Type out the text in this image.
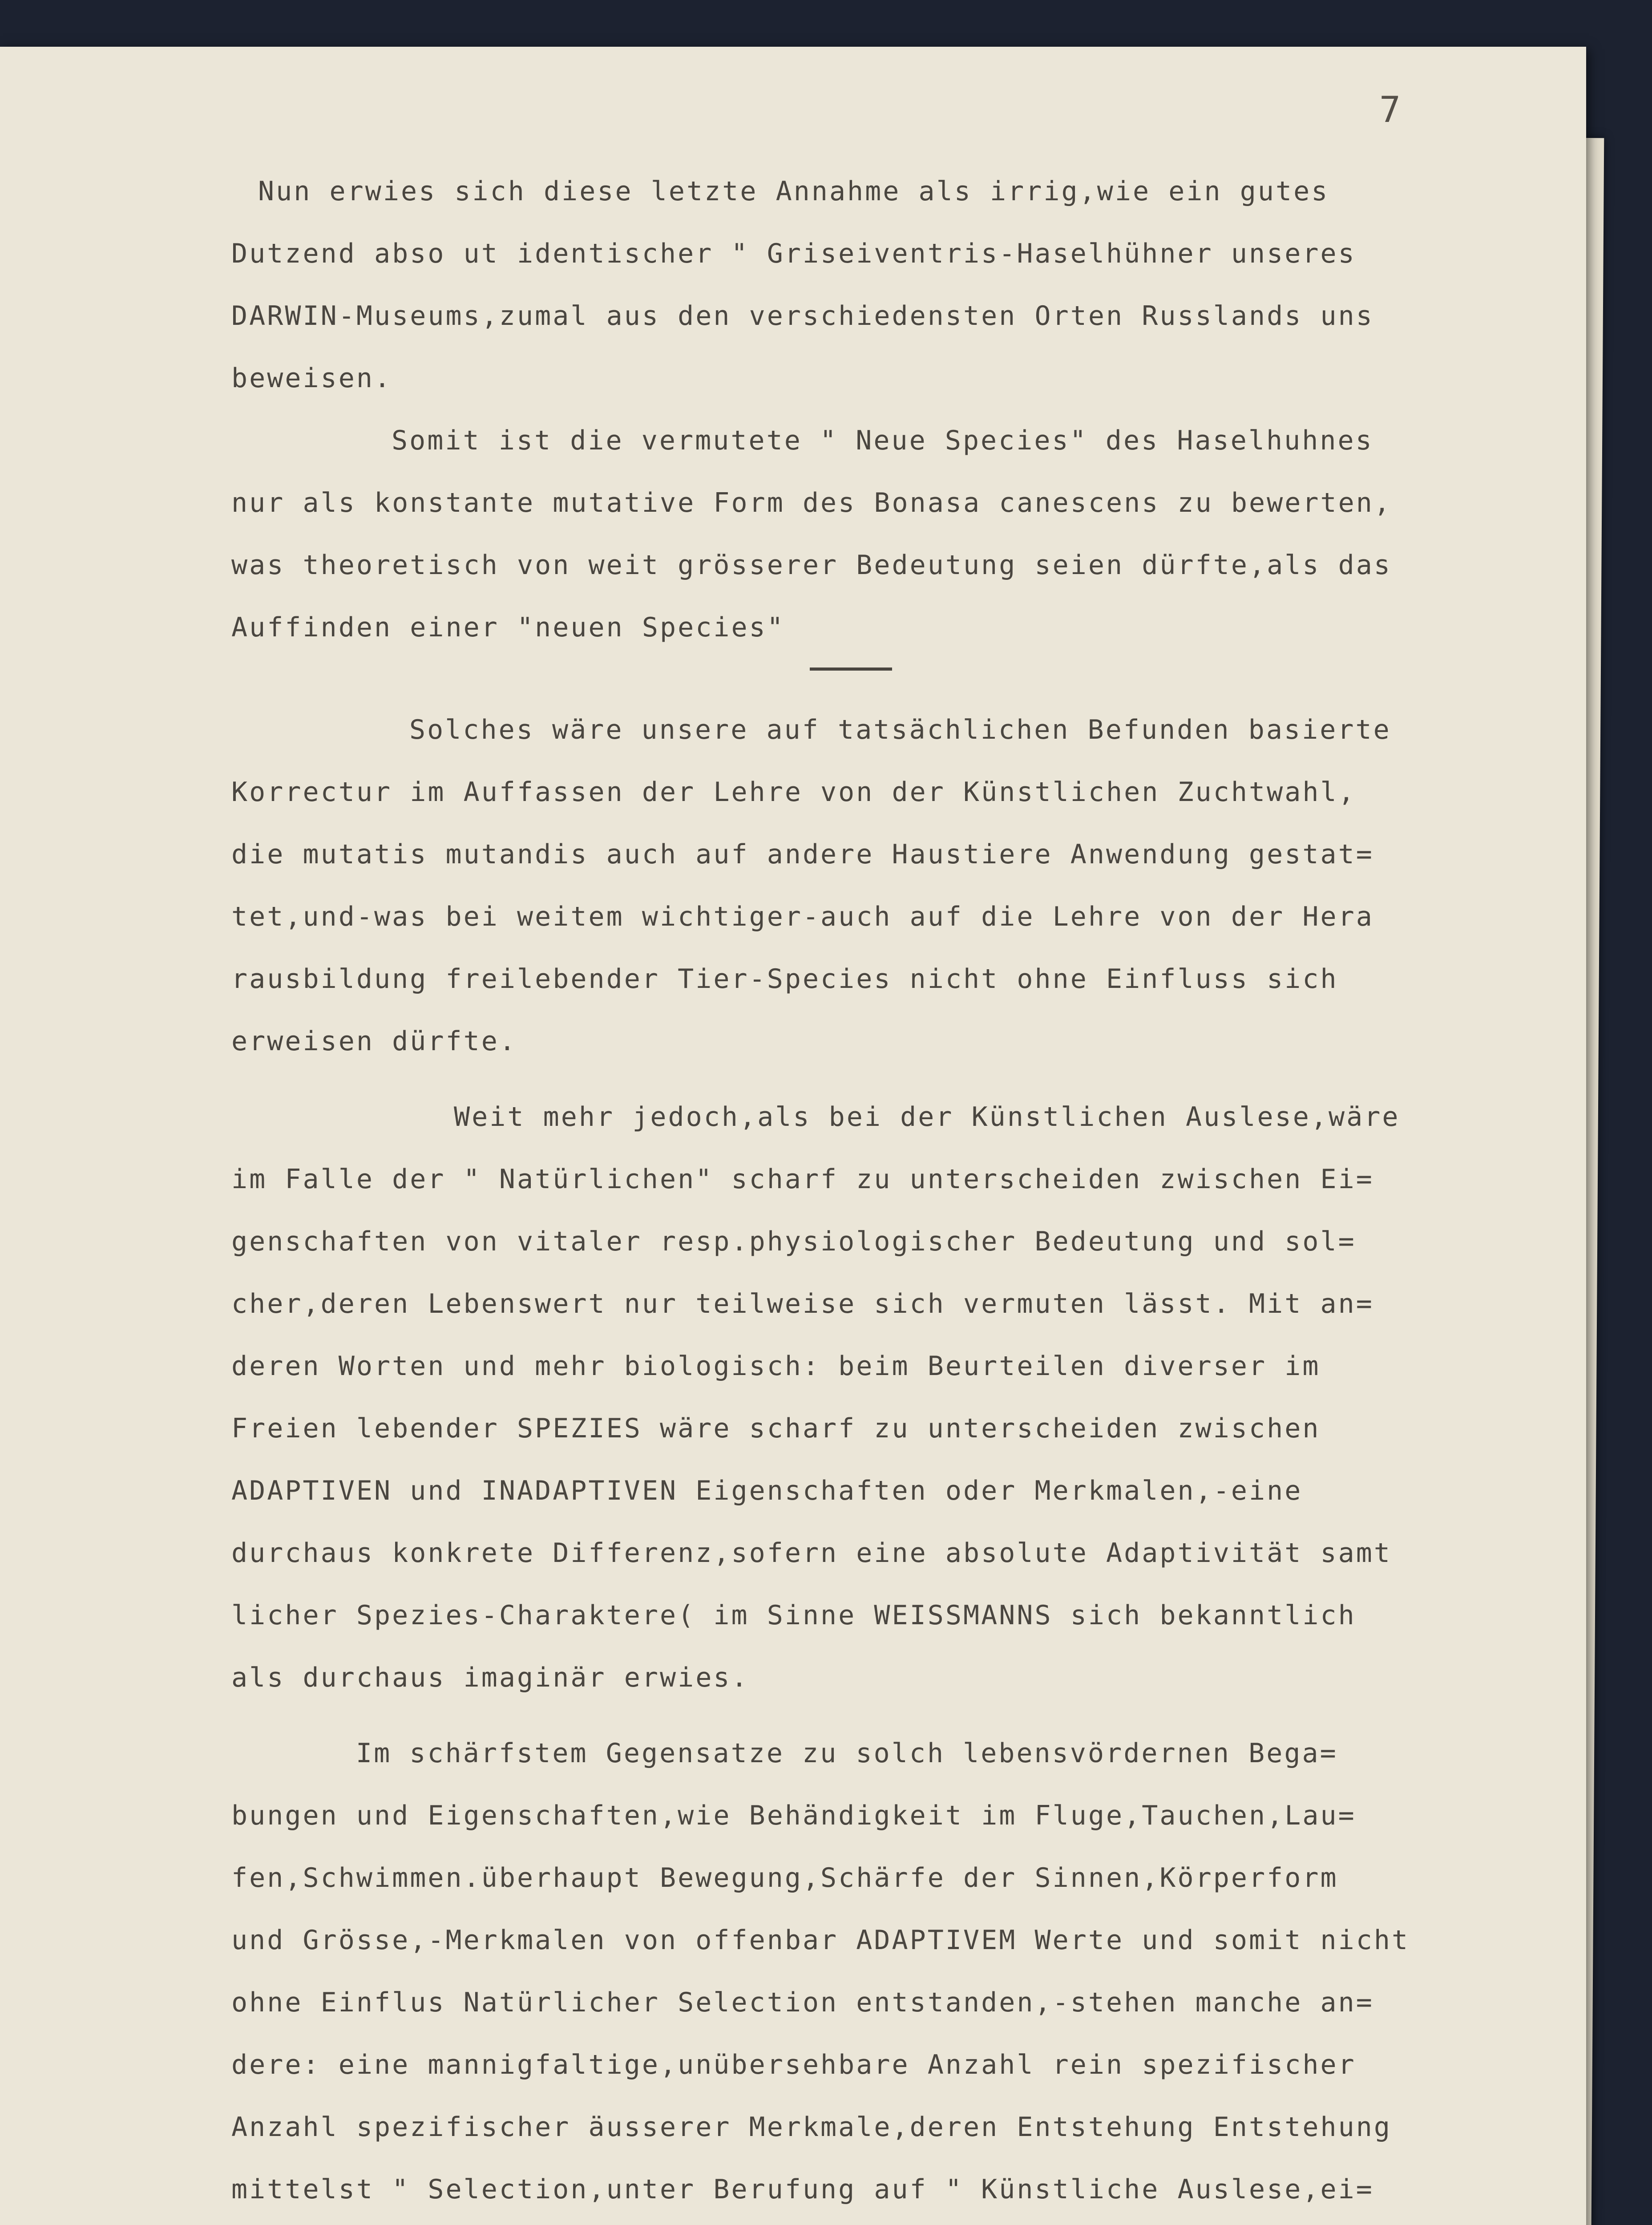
7
Nun erwies sich diese letzte Annahme als irrig,wie ein gutes
Dutzend abso ut identischer " Griseiventris-Haselhühner unseres
DARWIN-Museums,zumal aus den verschiedensten Orten Russlands uns
beweisen.
Somit ist die vermutete " Neue Species" des Haselhuhnes
nur als konstante mutative Form des Bonasa canescens zu bewerten,
was theoretisch von weit grösserer Bedeutung seien dürfte,als das
Auffinden einer "neuen Species"
Solches wäre unsere auf tatsächlichen Befunden basierte
Korrectur im Auffassen der Lehre von der Künstlichen Zuchtwahl,
die mutatis mutandis auch auf andere Haustiere Anwendung gestat=
tet,und-was bei weitem wichtiger-auch auf die Lehre von der Hera
rausbildung freilebender Tier-Species nicht ohne Einfluss sich
erweisen dürfte.
Weit mehr jedoch,als bei der Künstlichen Auslese,wäre
im Falle der " Natürlichen" scharf zu unterscheiden zwischen Ei=
genschaften von vitaler resp.physiologischer Bedeutung und sol=
cher,deren Lebenswert nur teilweise sich vermuten lässt. Mit an=
deren Worten und mehr biologisch: beim Beurteilen diverser im
Freien lebender SPEZIES wäre scharf zu unterscheiden zwischen
ADAPTIVEN und INADAPTIVEN Eigenschaften oder Merkmalen,-eine
durchaus konkrete Differenz,sofern eine absolute Adaptivität samt
licher Spezies-Charaktere( im Sinne WEISSMANNS sich bekanntlich
als durchaus imaginär erwies.
Im schärfstem Gegensatze zu solch lebensvördernen Bega=
bungen und Eigenschaften,wie Behändigkeit im Fluge,Tauchen,Lau=
fen,Schwimmen.überhaupt Bewegung,Schärfe der Sinnen,Körperform
und Grösse,-Merkmalen von offenbar ADAPTIVEM Werte und somit nicht
ohne Einflus Natürlicher Selection entstanden,-stehen manche an=
dere: eine mannigfaltige,unübersehbare Anzahl rein spezifischer
Anzahl spezifischer äusserer Merkmale,deren Entstehung Entstehung
mittelst " Selection,unter Berufung auf " Künstliche Auslese,ei=
